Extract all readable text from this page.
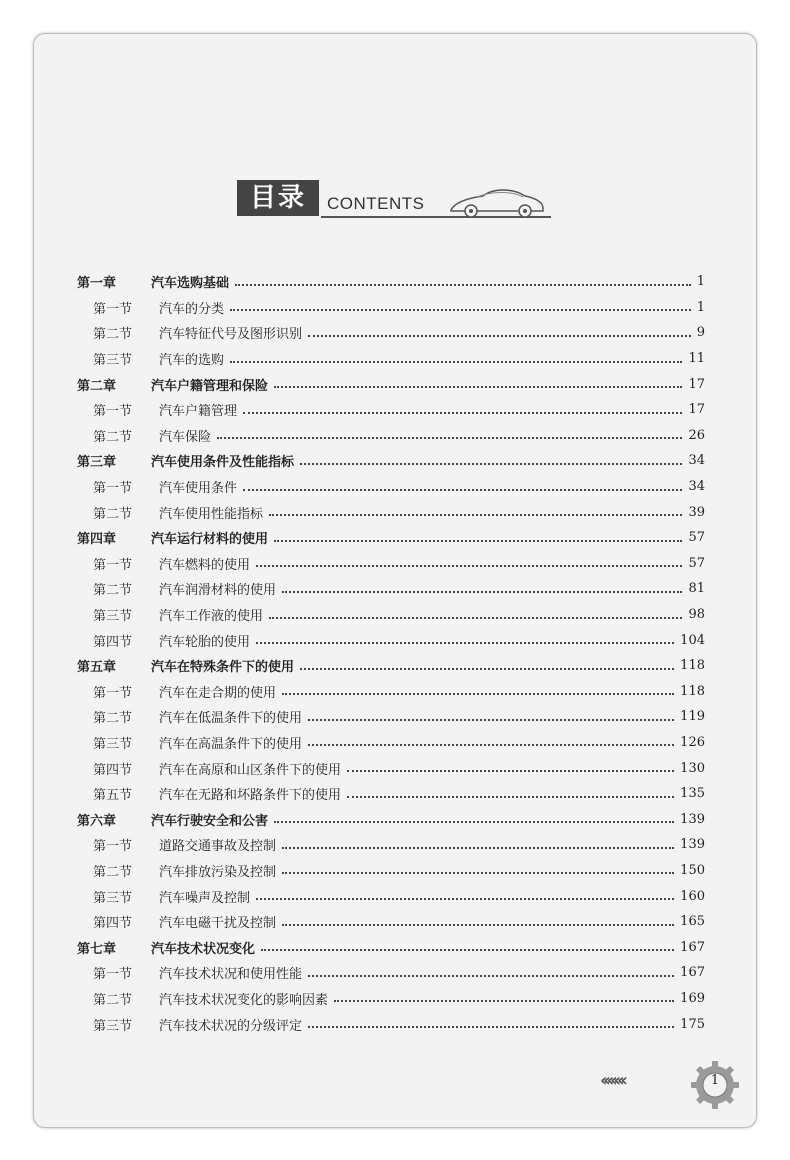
目录	CONTENTS
第一章	汽车选购基础	1
第一节	汽车的分类	1
第二节	汽车特征代号及图形识别	9
第三节	汽车的选购	11
第二章	汽车户籍管理和保险	17
第一节	汽车户籍管理	17
第二节	汽车保险	26
第三章	汽车使用条件及性能指标	34
第一节	汽车使用条件	34
第二节	汽车使用性能指标	39
第四章	汽车运行材料的使用	57
第一节	汽车燃料的使用	57
第二节	汽车润滑材料的使用	81
第三节	汽车工作液的使用	98
第四节	汽车轮胎的使用	104
第五章	汽车在特殊条件下的使用	118
第一节	汽车在走合期的使用	118
第二节	汽车在低温条件下的使用	119
第三节	汽车在高温条件下的使用	126
第四节	汽车在高原和山区条件下的使用	130
第五节	汽车在无路和坏路条件下的使用	135
第六章	汽车行驶安全和公害	139
第一节	道路交通事故及控制	139
第二节	汽车排放污染及控制	150
第三节	汽车噪声及控制	160
第四节	汽车电磁干扰及控制	165
第七章	汽车技术状况变化	167
第一节	汽车技术状况和使用性能	167
第二节	汽车技术状况变化的影响因素	169
第三节	汽车技术状况的分级评定	175
‹‹‹‹‹‹‹	1
